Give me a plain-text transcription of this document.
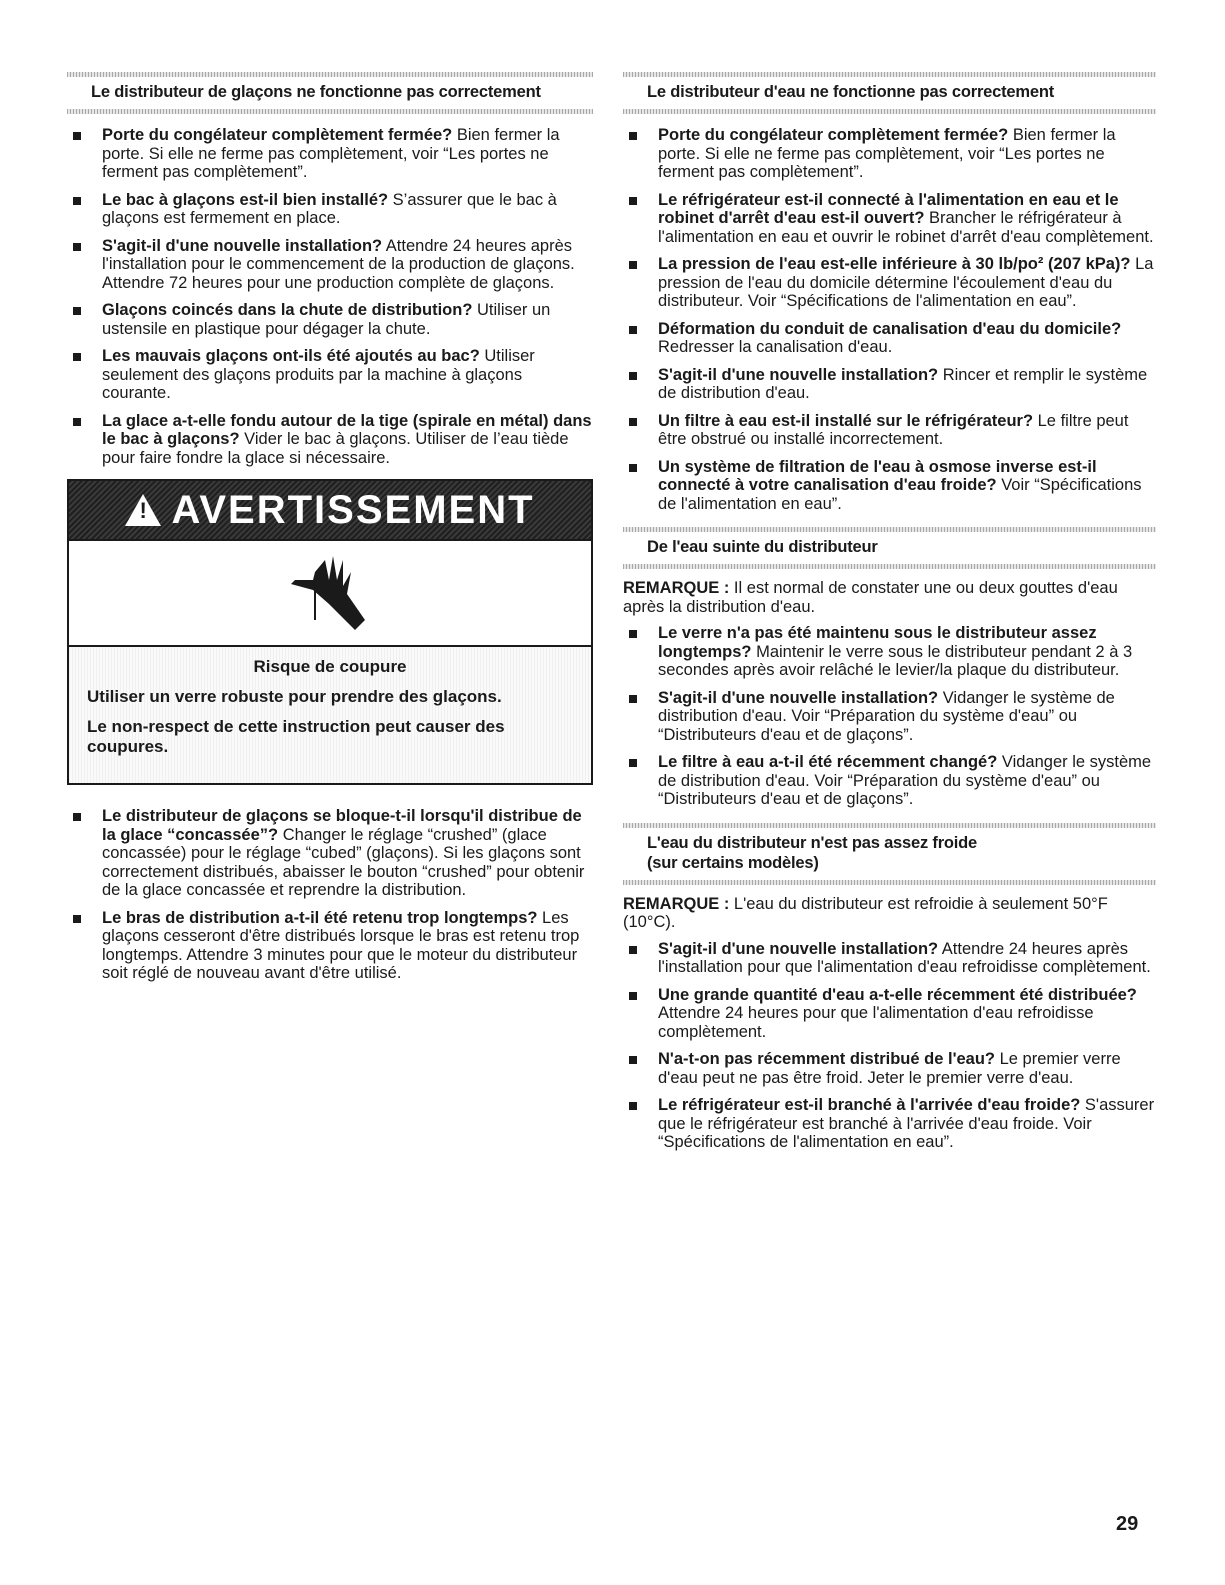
Le distributeur de glaçons ne fonctionne pas correctement
Porte du congélateur complètement fermée? Bien fermer la porte. Si elle ne ferme pas complètement, voir “Les portes ne ferment pas complètement”.
Le bac à glaçons est-il bien installé? S’assurer que le bac à glaçons est fermement en place.
S'agit-il d'une nouvelle installation? Attendre 24 heures après l'installation pour le commencement de la production de glaçons. Attendre 72 heures pour une production complète de glaçons.
Glaçons coincés dans la chute de distribution? Utiliser un ustensile en plastique pour dégager la chute.
Les mauvais glaçons ont-ils été ajoutés au bac? Utiliser seulement des glaçons produits par la machine à glaçons courante.
La glace a-t-elle fondu autour de la tige (spirale en métal) dans le bac à glaçons? Vider le bac à glaçons. Utiliser de l’eau tiède pour faire fondre la glace si nécessaire.
!
AVERTISSEMENT
Risque de coupure

Utiliser un verre robuste pour prendre des glaçons.

Le non-respect de cette instruction peut causer des coupures.

Le distributeur de glaçons se bloque-t-il lorsqu'il distribue de la glace “concassée”? Changer le réglage “crushed” (glace concassée) pour le réglage “cubed” (glaçons). Si les glaçons sont correctement distribués, abaisser le bouton “crushed” pour obtenir de la glace concassée et reprendre la distribution.
Le bras de distribution a-t-il été retenu trop longtemps? Les glaçons cesseront d'être distribués lorsque le bras est retenu trop longtemps. Attendre 3 minutes pour que le moteur du distributeur soit réglé de nouveau avant d'être utilisé.
Le distributeur d'eau ne fonctionne pas correctement
Porte du congélateur complètement fermée? Bien fermer la porte. Si elle ne ferme pas complètement, voir “Les portes ne ferment pas complètement”.
Le réfrigérateur est-il connecté à l'alimentation en eau et le robinet d'arrêt d'eau est-il ouvert? Brancher le réfrigérateur à l'alimentation en eau et ouvrir le robinet d'arrêt d'eau complètement.
La pression de l'eau est-elle inférieure à 30 lb/po² (207 kPa)? La pression de l'eau du domicile détermine l'écoulement d'eau du distributeur. Voir “Spécifications de l'alimentation en eau”.
Déformation du conduit de canalisation d'eau du domicile? Redresser la canalisation d'eau.
S'agit-il d'une nouvelle installation? Rincer et remplir le système de distribution d'eau.
Un filtre à eau est-il installé sur le réfrigérateur? Le filtre peut être obstrué ou installé incorrectement.
Un système de filtration de l'eau à osmose inverse est-il connecté à votre canalisation d'eau froide? Voir “Spécifications de l'alimentation en eau”.
De l'eau suinte du distributeur

REMARQUE : Il est normal de constater une ou deux gouttes d'eau après la distribution d'eau.

Le verre n'a pas été maintenu sous le distributeur assez longtemps? Maintenir le verre sous le distributeur pendant 2 à 3 secondes après avoir relâché le levier/la plaque du distributeur.
S'agit-il d'une nouvelle installation? Vidanger le système de distribution d'eau. Voir “Préparation du système d'eau” ou “Distributeurs d'eau et de glaçons”.
Le filtre à eau a-t-il été récemment changé? Vidanger le système de distribution d'eau. Voir “Préparation du système d'eau” ou “Distributeurs d'eau et de glaçons”.
L'eau du distributeur n'est pas assez froide
(sur certains modèles)

REMARQUE : L'eau du distributeur est refroidie à seulement 50°F (10°C).

S'agit-il d'une nouvelle installation? Attendre 24 heures après l'installation pour que l'alimentation d'eau refroidisse complètement.
Une grande quantité d'eau a-t-elle récemment été distribuée? Attendre 24 heures pour que l'alimentation d'eau refroidisse complètement.
N'a-t-on pas récemment distribué de l'eau? Le premier verre d'eau peut ne pas être froid. Jeter le premier verre d'eau.
Le réfrigérateur est-il branché à l'arrivée d'eau froide? S'assurer que le réfrigérateur est branché à l'arrivée d'eau froide. Voir “Spécifications de l'alimentation en eau”.
29
